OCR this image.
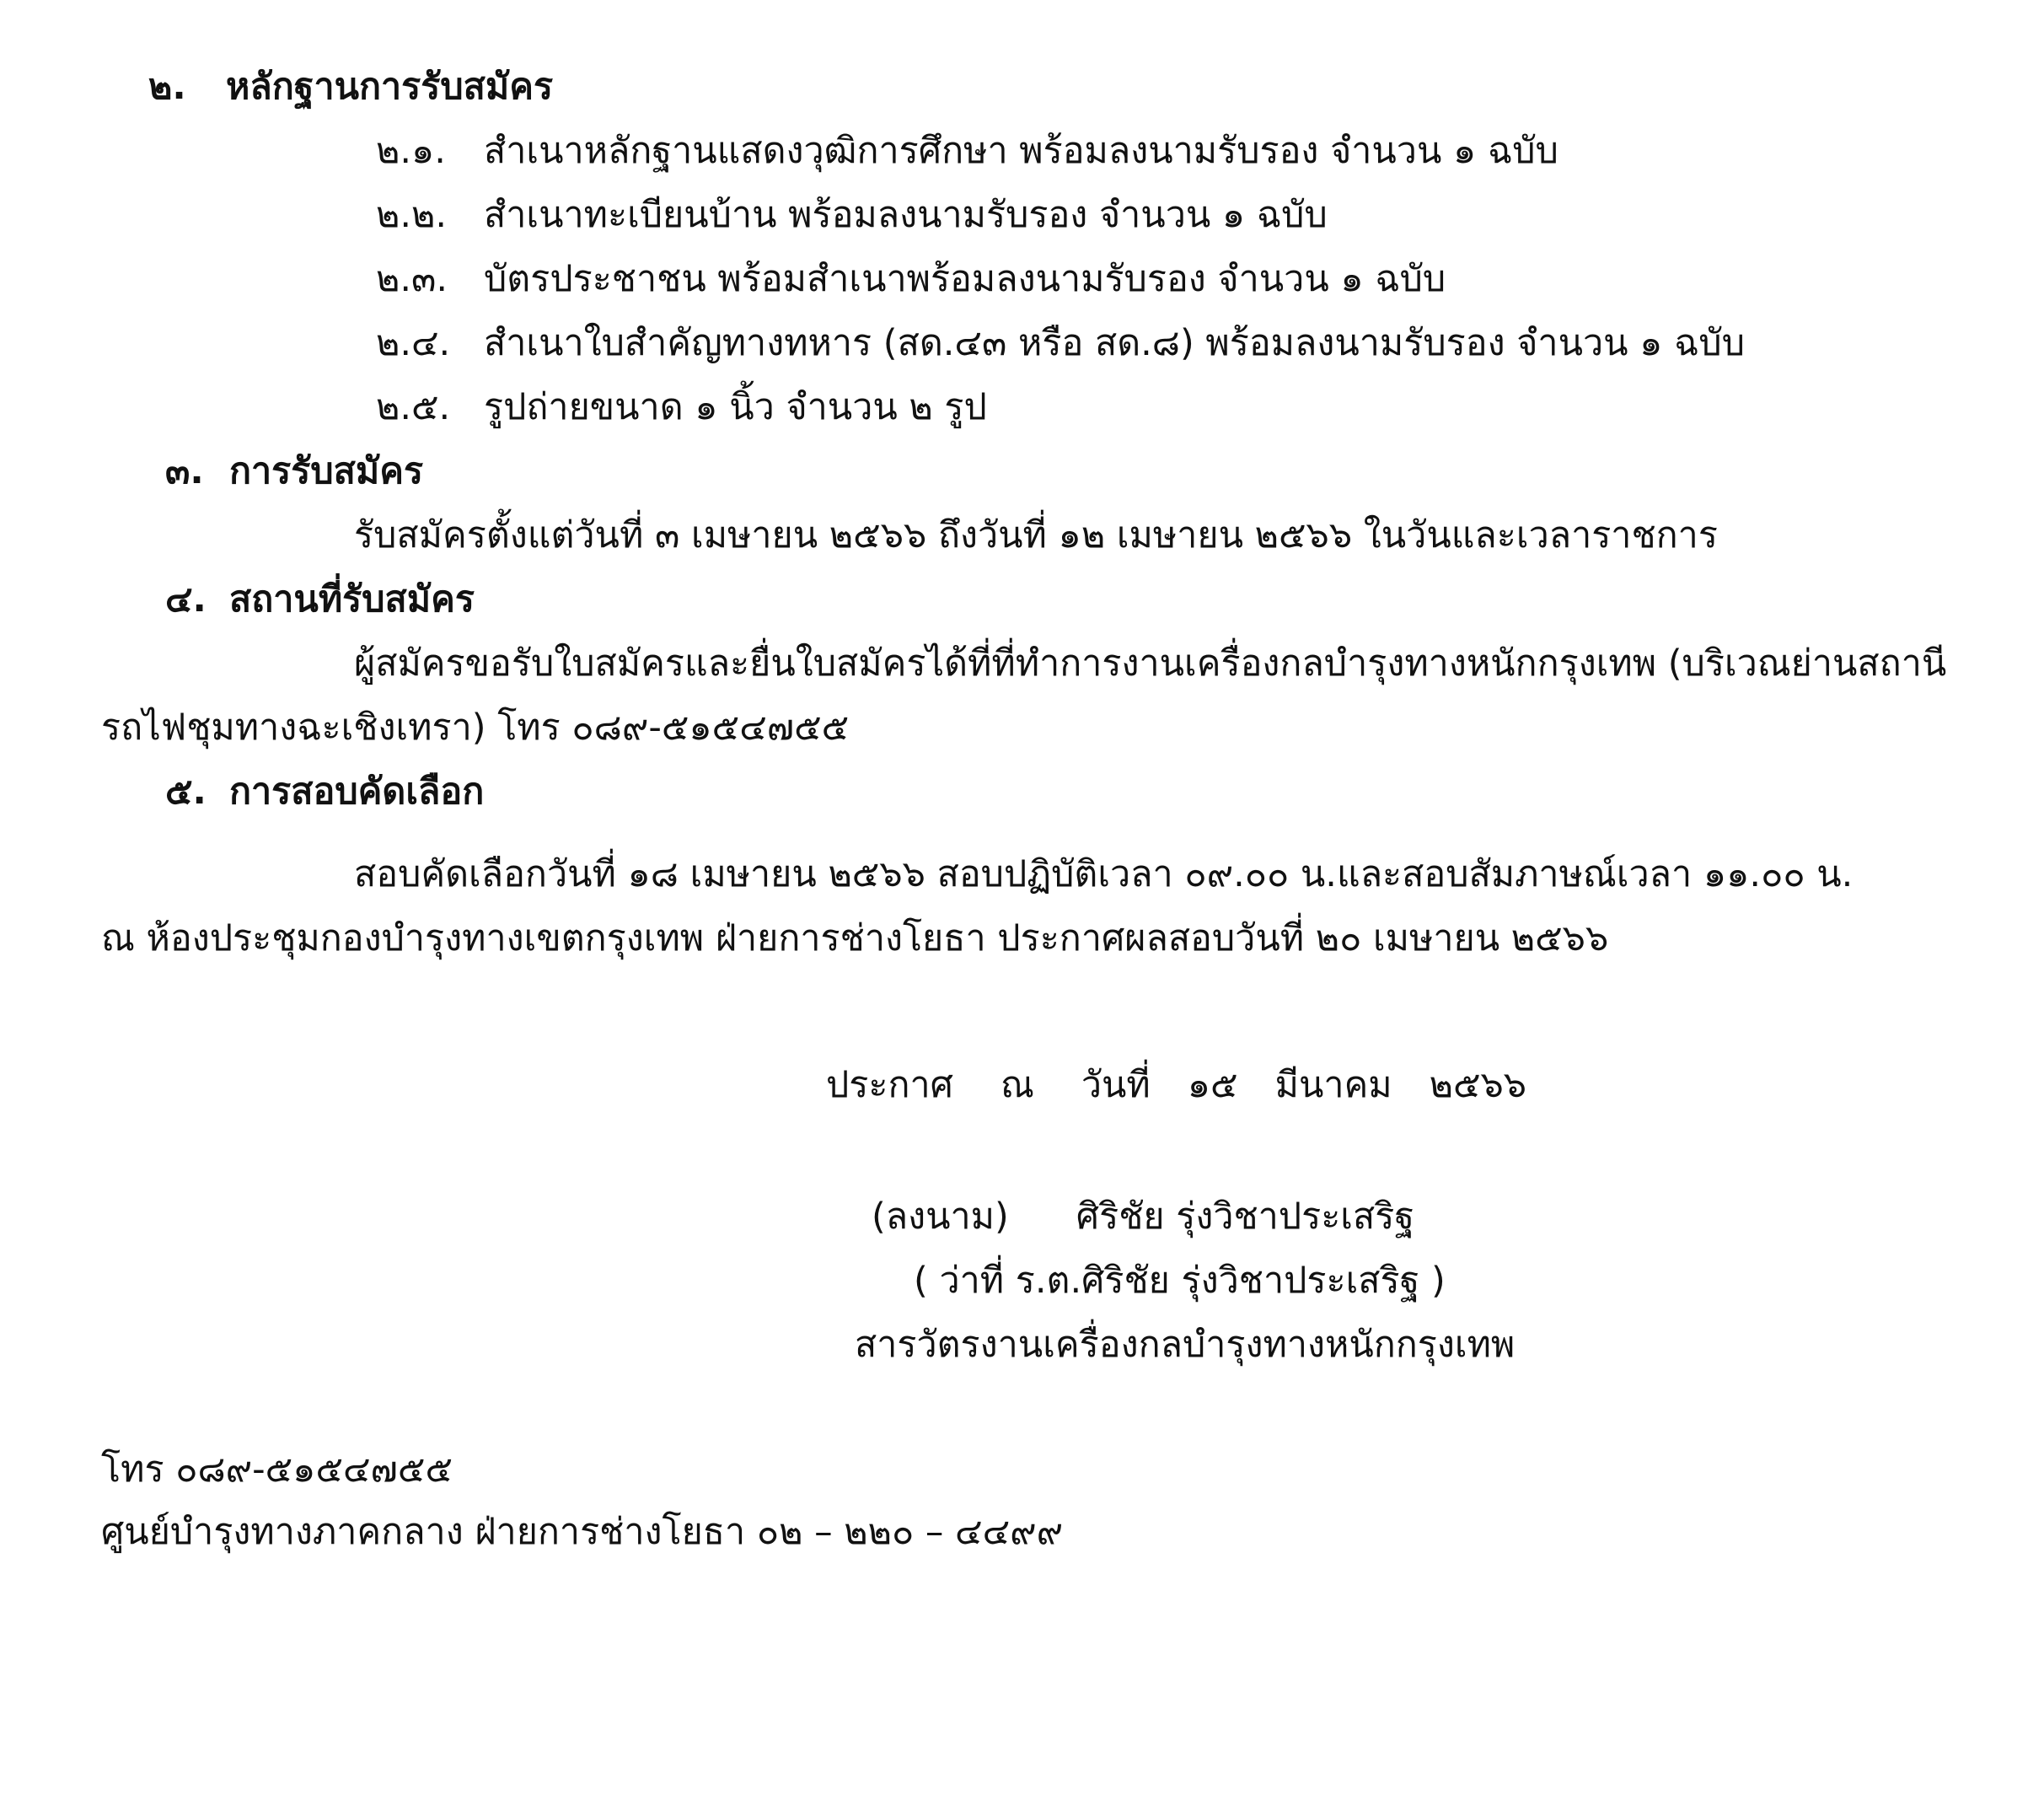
๒. หลักฐานการรับสมัคร
๒.๑. สำเนาหลักฐานแสดงวุฒิการศึกษา พร้อมลงนามรับรอง จำนวน ๑ ฉบับ
๒.๒. สำเนาทะเบียนบ้าน พร้อมลงนามรับรอง จำนวน ๑ ฉบับ
๒.๓. บัตรประชาชน พร้อมสำเนาพร้อมลงนามรับรอง จำนวน ๑ ฉบับ
๒.๔. สำเนาใบสำคัญทางทหาร (สด.๔๓ หรือ สด.๘) พร้อมลงนามรับรอง จำนวน ๑ ฉบับ
๒.๕. รูปถ่ายขนาด ๑ นิ้ว จำนวน ๒ รูป
๓. การรับสมัคร
รับสมัครตั้งแต่วันที่ ๓ เมษายน ๒๕๖๖ ถึงวันที่ ๑๒ เมษายน ๒๕๖๖ ในวันและเวลาราชการ
๔. สถานที่รับสมัคร
ผู้สมัครขอรับใบสมัครและยื่นใบสมัครได้ที่ที่ทำการงานเครื่องกลบำรุงทางหนักกรุงเทพ (บริเวณย่านสถานี
รถไฟชุมทางฉะเชิงเทรา) โทร ๐๘๙-๕๑๕๔๗๕๕
๕. การสอบคัดเลือก
สอบคัดเลือกวันที่ ๑๘ เมษายน ๒๕๖๖ สอบปฏิบัติเวลา ๐๙.๐๐ น.และสอบสัมภาษณ์เวลา ๑๑.๐๐ น.
ณ ห้องประชุมกองบำรุงทางเขตกรุงเทพ ฝ่ายการช่างโยธา ประกาศผลสอบวันที่ ๒๐ เมษายน ๒๕๖๖
ประกาศ ณ วันที่ ๑๕ มีนาคม ๒๕๖๖
(ลงนาม) ศิริชัย รุ่งวิชาประเสริฐ
( ว่าที่ ร.ต.ศิริชัย รุ่งวิชาประเสริฐ )
สารวัตรงานเครื่องกลบำรุงทางหนักกรุงเทพ
โทร ๐๘๙-๕๑๕๔๗๕๕
ศูนย์บำรุงทางภาคกลาง ฝ่ายการช่างโยธา ๐๒ – ๒๒๐ – ๔๔๙๙
